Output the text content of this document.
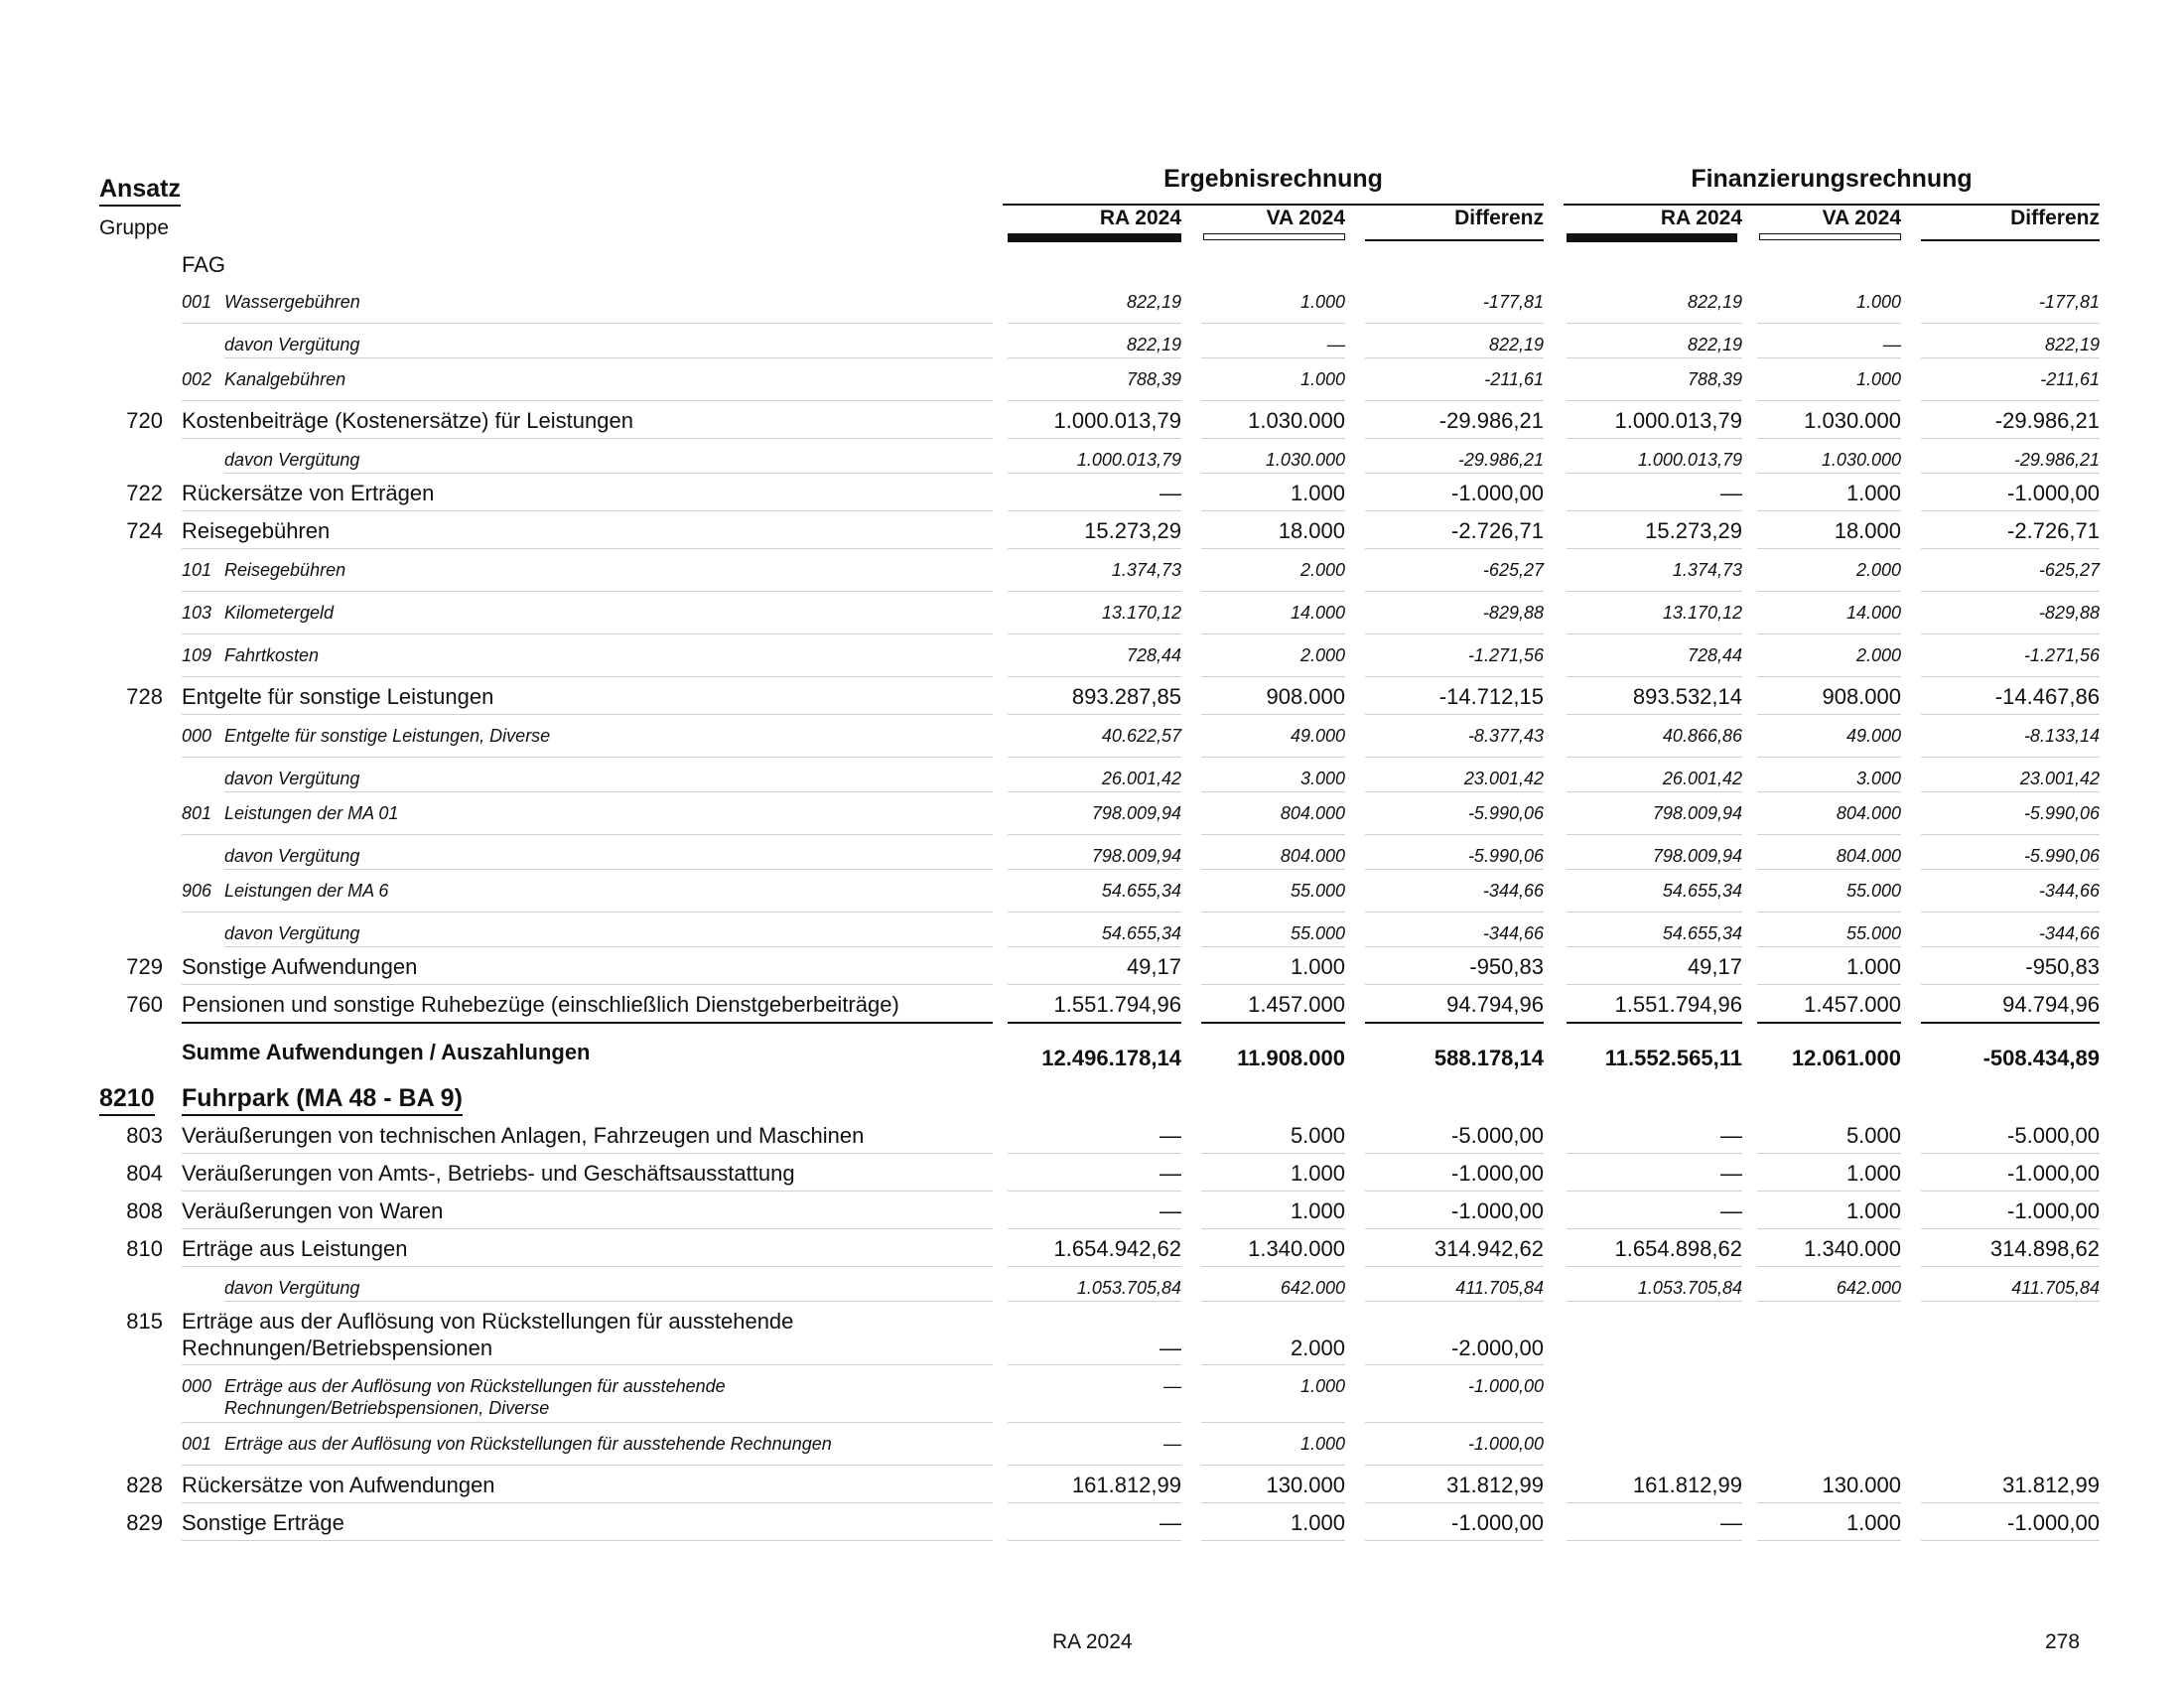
Ansatz
Gruppe
Ergebnisrechnung	Finanzierungsrechnung
RA 2024	VA 2024	Differenz	RA 2024	VA 2024	Differenz
FAG
001 Wassergebühren	822,19	1.000	-177,81	822,19	1.000	-177,81
davon Vergütung	822,19	—	822,19	822,19	—	822,19
002 Kanalgebühren	788,39	1.000	-211,61	788,39	1.000	-211,61
720 Kostenbeiträge (Kostenersätze) für Leistungen	1.000.013,79	1.030.000	-29.986,21	1.000.013,79	1.030.000	-29.986,21
davon Vergütung	1.000.013,79	1.030.000	-29.986,21	1.000.013,79	1.030.000	-29.986,21
722 Rückersätze von Erträgen	—	1.000	-1.000,00	—	1.000	-1.000,00
724 Reisegebühren	15.273,29	18.000	-2.726,71	15.273,29	18.000	-2.726,71
101 Reisegebühren	1.374,73	2.000	-625,27	1.374,73	2.000	-625,27
103 Kilometergeld	13.170,12	14.000	-829,88	13.170,12	14.000	-829,88
109 Fahrtkosten	728,44	2.000	-1.271,56	728,44	2.000	-1.271,56
728 Entgelte für sonstige Leistungen	893.287,85	908.000	-14.712,15	893.532,14	908.000	-14.467,86
000 Entgelte für sonstige Leistungen, Diverse	40.622,57	49.000	-8.377,43	40.866,86	49.000	-8.133,14
davon Vergütung	26.001,42	3.000	23.001,42	26.001,42	3.000	23.001,42
801 Leistungen der MA 01	798.009,94	804.000	-5.990,06	798.009,94	804.000	-5.990,06
davon Vergütung	798.009,94	804.000	-5.990,06	798.009,94	804.000	-5.990,06
906 Leistungen der MA 6	54.655,34	55.000	-344,66	54.655,34	55.000	-344,66
davon Vergütung	54.655,34	55.000	-344,66	54.655,34	55.000	-344,66
729 Sonstige Aufwendungen	49,17	1.000	-950,83	49,17	1.000	-950,83
760 Pensionen und sonstige Ruhebezüge (einschließlich Dienstgeberbeiträge)	1.551.794,96	1.457.000	94.794,96	1.551.794,96	1.457.000	94.794,96
Summe Aufwendungen / Auszahlungen	12.496.178,14	11.908.000	588.178,14	11.552.565,11	12.061.000	-508.434,89
8210 Fuhrpark (MA 48 - BA 9)
803 Veräußerungen von technischen Anlagen, Fahrzeugen und Maschinen	—	5.000	-5.000,00	—	5.000	-5.000,00
804 Veräußerungen von Amts-, Betriebs- und Geschäftsausstattung	—	1.000	-1.000,00	—	1.000	-1.000,00
808 Veräußerungen von Waren	—	1.000	-1.000,00	—	1.000	-1.000,00
810 Erträge aus Leistungen	1.654.942,62	1.340.000	314.942,62	1.654.898,62	1.340.000	314.898,62
davon Vergütung	1.053.705,84	642.000	411.705,84	1.053.705,84	642.000	411.705,84
815 Erträge aus der Auflösung von Rückstellungen für ausstehende
Rechnungen/Betriebspensionen	—	2.000	-2.000,00
000 Erträge aus der Auflösung von Rückstellungen für ausstehende
Rechnungen/Betriebspensionen, Diverse
—	1.000	-1.000,00
001 Erträge aus der Auflösung von Rückstellungen für ausstehende Rechnungen	—	1.000	-1.000,00
828 Rückersätze von Aufwendungen	161.812,99	130.000	31.812,99	161.812,99	130.000	31.812,99
829 Sonstige Erträge	—	1.000	-1.000,00	—	1.000	-1.000,00
RA 2024	278
